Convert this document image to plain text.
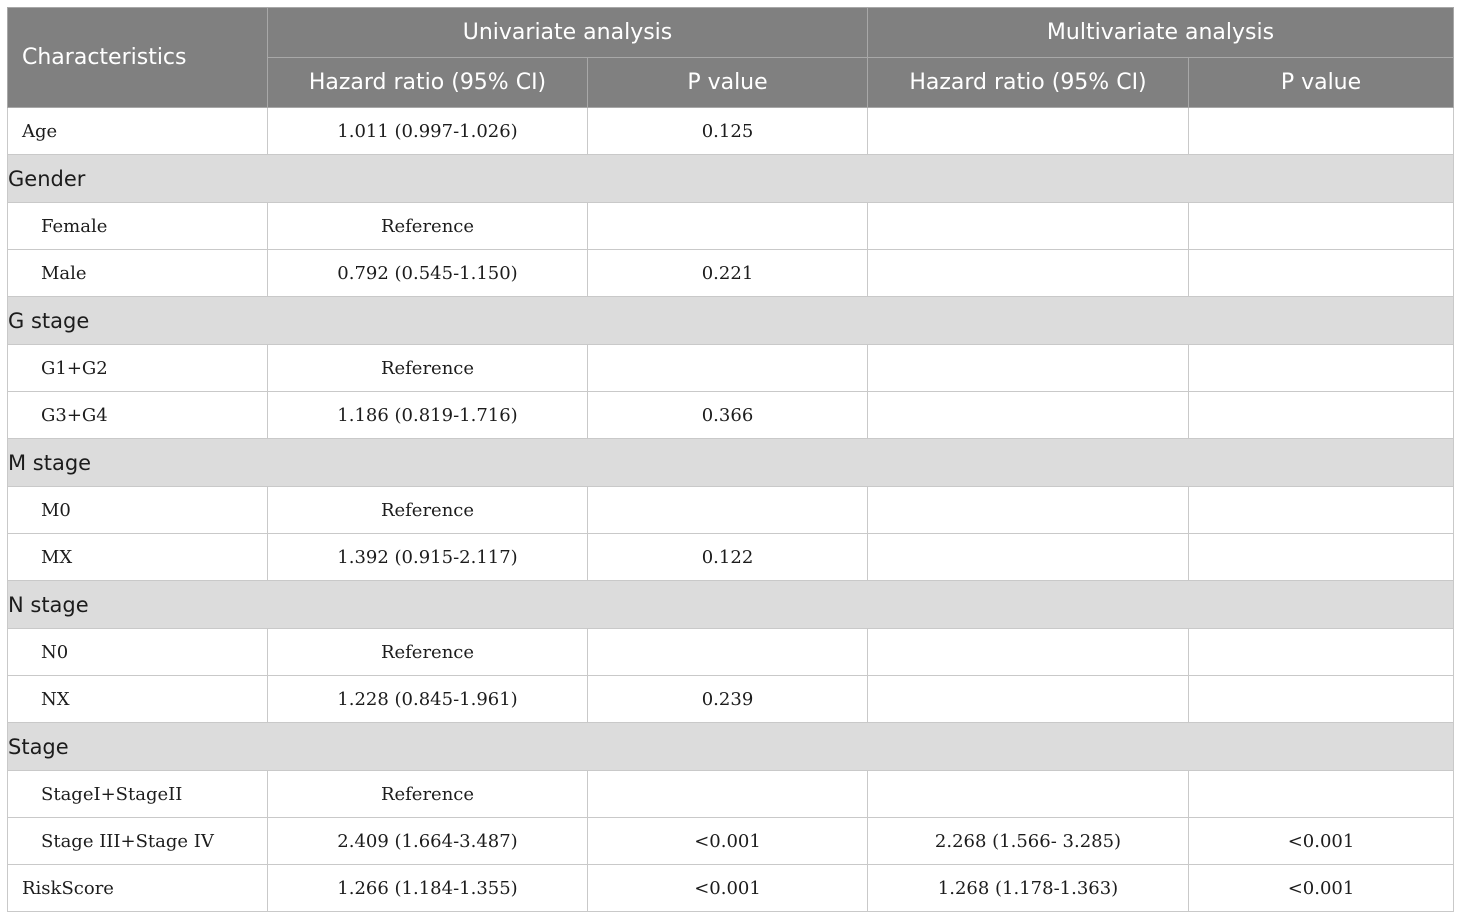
Characteristics	Univariate analysis		Multivariate analysis	
	Hazard ratio (95% CI)	P value	Hazard ratio (95% CI)	P value
Age	1.011 (0.997-1.026)	0.125		
Gender				
Female	Reference			
Male	0.792 (0.545-1.150)	0.221		
G stage				
G1+G2	Reference			
G3+G4	1.186 (0.819-1.716)	0.366		
M stage				
M0	Reference			
MX	1.392 (0.915-2.117)	0.122		
N stage				
N0	Reference			
NX	1.228 (0.845-1.961)	0.239		
Stage				
StageI+StageII	Reference			
Stage III+Stage IV	2.409 (1.664-3.487)	<0.001	2.268 (1.566- 3.285)	<0.001
RiskScore	1.266 (1.184-1.355)	<0.001	1.268 (1.178-1.363)	<0.001
